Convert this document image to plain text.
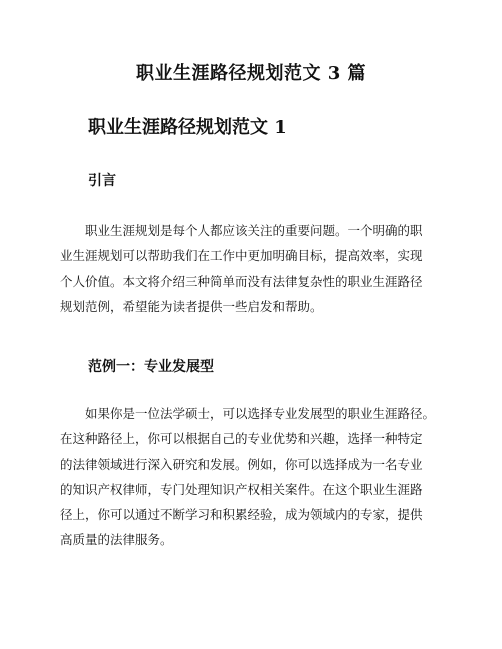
职业生涯路径规划范文 3 篇
职业生涯路径规划范文 1
引言
职业生涯规划是每个人都应该关注的重要问题。一个明确的职
业生涯规划可以帮助我们在工作中更加明确目标，提高效率，实现
个人价值。本文将介绍三种简单而没有法律复杂性的职业生涯路径
规划范例，希望能为读者提供一些启发和帮助。
范例一：专业发展型
如果你是一位法学硕士，可以选择专业发展型的职业生涯路径。
在这种路径上，你可以根据自己的专业优势和兴趣，选择一种特定
的法律领域进行深入研究和发展。例如，你可以选择成为一名专业
的知识产权律师，专门处理知识产权相关案件。在这个职业生涯路
径上，你可以通过不断学习和积累经验，成为领域内的专家，提供
高质量的法律服务。
